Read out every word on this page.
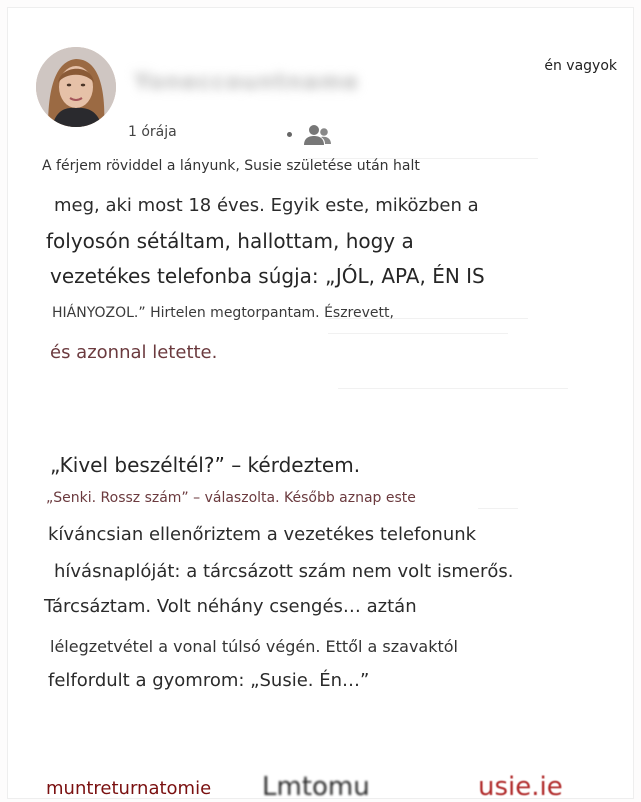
Yoneccountname
én vagyok
1 órája
A férjem röviddel a lányunk, Susie születése után halt
meg, aki most 18 éves. Egyik este, miközben a
folyosón sétáltam, hallottam, hogy a
vezetékes telefonba súgja: „JÓL, APA, ÉN IS
HIÁNYOZOL.” Hirtelen megtorpantam. Észrevett,
és azonnal letette.
„Kivel beszéltél?” – kérdeztem.
„Senki. Rossz szám” – válaszolta. Később aznap este
kíváncsian ellenőriztem a vezetékes telefonunk
hívásnaplóját: a tárcsázott szám nem volt ismerős.
Tárcsáztam. Volt néhány csengés… aztán
lélegzetvétel a vonal túlsó végén. Ettől a szavaktól
felfordult a gyomrom: „Susie. Én…”
muntreturnatomie Lmtomu	usie.ie
